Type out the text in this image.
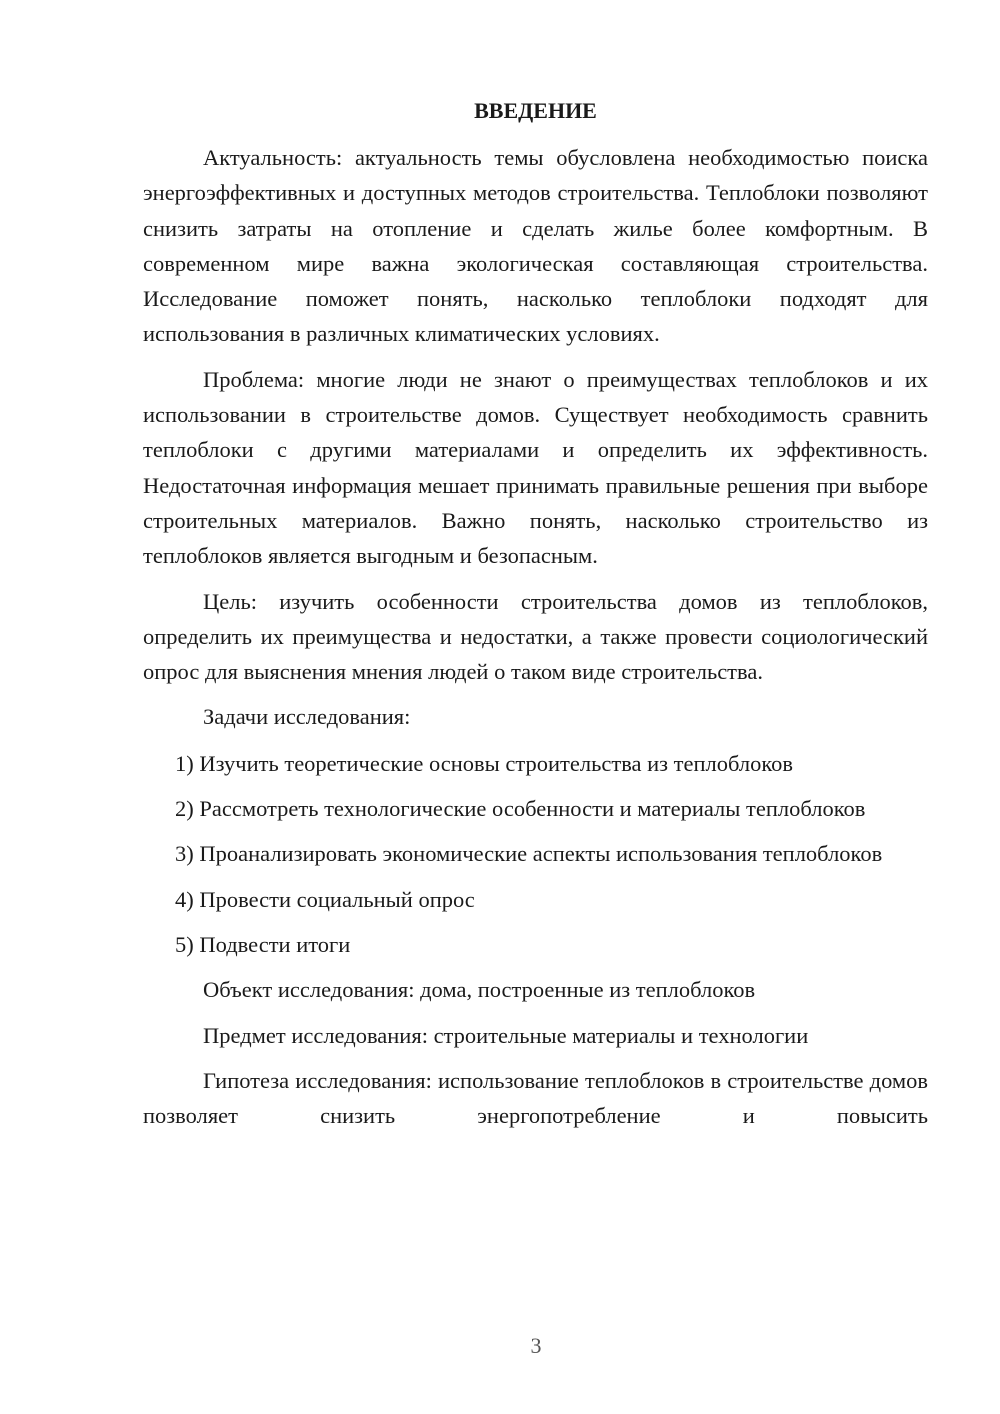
ВВЕДЕНИЕ

Актуальность: актуальность темы обусловлена необходимостью поиска энергоэффективных и доступных методов строительства. Теплоблоки позволяют снизить затраты на отопление и сделать жилье более комфортным. В современном мире важна экологическая составляющая строительства. Исследование поможет понять, насколько теплоблоки подходят для использования в различных климатических условиях.

Проблема: многие люди не знают о преимуществах теплоблоков и их использовании в строительстве домов. Существует необходимость сравнить теплоблоки с другими материалами и определить их эффективность. Недостаточная информация мешает принимать правильные решения при выборе строительных материалов. Важно понять, насколько строительство из теплоблоков является выгодным и безопасным.

Цель: изучить особенности строительства домов из теплоблоков, определить их преимущества и недостатки, а также провести социологический опрос для выяснения мнения людей о таком виде строительства.

Задачи исследования:

1) Изучить теоретические основы строительства из теплоблоков

2) Рассмотреть технологические особенности и материалы теплоблоков

3) Проанализировать экономические аспекты использования теплоблоков

4) Провести социальный опрос

5) Подвести итоги

Объект исследования: дома, построенные из теплоблоков

Предмет исследования: строительные материалы и технологии

Гипотеза исследования: использование теплоблоков в строительстве домов позволяет снизить энергопотребление и повысить

3
